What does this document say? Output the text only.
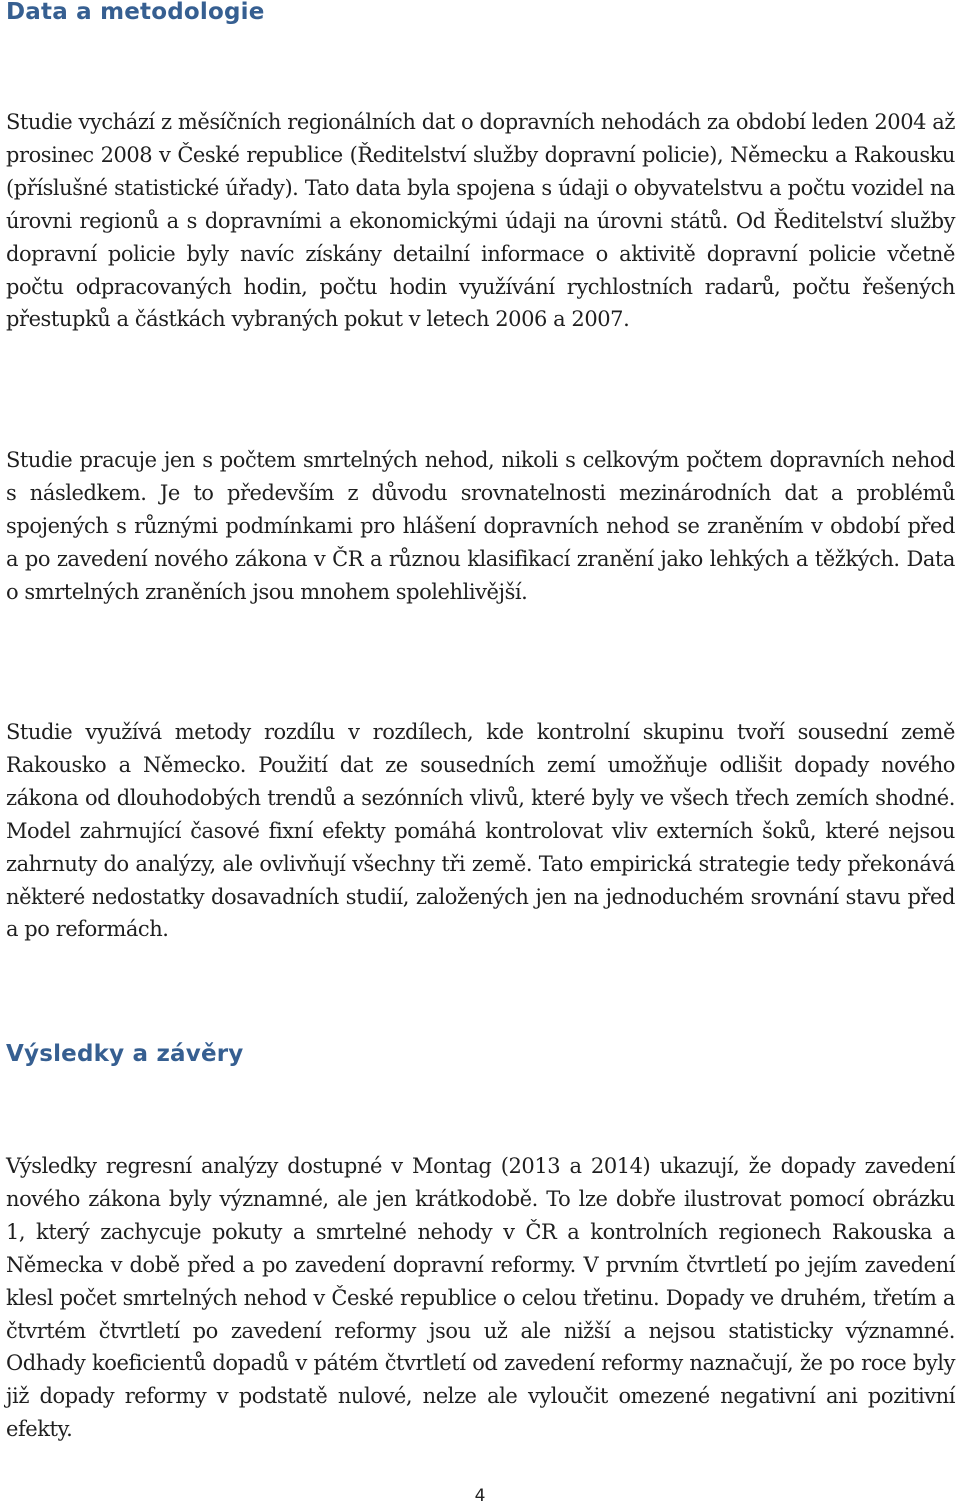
Data a metodologie

Studie vychází z měsíčních regionálních dat o dopravních nehodách za období leden 2004 až prosinec 2008 v České republice (Ředitelství služby dopravní policie), Německu a Rakousku (příslušné statistické úřady). Tato data byla spojena s údaji o obyvatelstvu a počtu vozidel na úrovni regionů a s dopravními a ekonomickými údaji na úrovni států. Od Ředitelství služby dopravní policie byly navíc získány detailní informace o aktivitě dopravní policie včetně počtu odpracovaných hodin, počtu hodin využívání rychlostních radarů, počtu řešených přestupků a částkách vybraných pokut v letech 2006 a 2007.

Studie pracuje jen s počtem smrtelných nehod, nikoli s celkovým počtem dopravních nehod s následkem. Je to především z důvodu srovnatelnosti mezinárodních dat a problémů spojených s různými podmínkami pro hlášení dopravních nehod se zraněním v období před a po zavedení nového zákona v ČR a různou klasifikací zranění jako lehkých a těžkých. Data o smrtelných zraněních jsou mnohem spolehlivější.

Studie využívá metody rozdílu v rozdílech, kde kontrolní skupinu tvoří sousední země Rakousko a Německo. Použití dat ze sousedních zemí umožňuje odlišit dopady nového zákona od dlouhodobých trendů a sezónních vlivů, které byly ve všech třech zemích shodné. Model zahrnující časové fixní efekty pomáhá kontrolovat vliv externích šoků, které nejsou zahrnuty do analýzy, ale ovlivňují všechny tři země. Tato empirická strategie tedy překonává některé nedostatky dosavadních studií, založených jen na jednoduchém srovnání stavu před a po reformách.

Výsledky a závěry

Výsledky regresní analýzy dostupné v Montag (2013 a 2014) ukazují, že dopady zavedení nového zákona byly významné, ale jen krátkodobě. To lze dobře ilustrovat pomocí obrázku 1, který zachycuje pokuty a smrtelné nehody v ČR a kontrolních regionech Rakouska a Německa v době před a po zavedení dopravní reformy. V prvním čtvrtletí po jejím zavedení klesl počet smrtelných nehod v České republice o celou třetinu. Dopady ve druhém, třetím a čtvrtém čtvrtletí po zavedení reformy jsou už ale nižší a nejsou statisticky významné. Odhady koeficientů dopadů v pátém čtvrtletí od zavedení reformy naznačují, že po roce byly již dopady reformy v podstatě nulové, nelze ale vyloučit omezené negativní ani pozitivní efekty.

4
